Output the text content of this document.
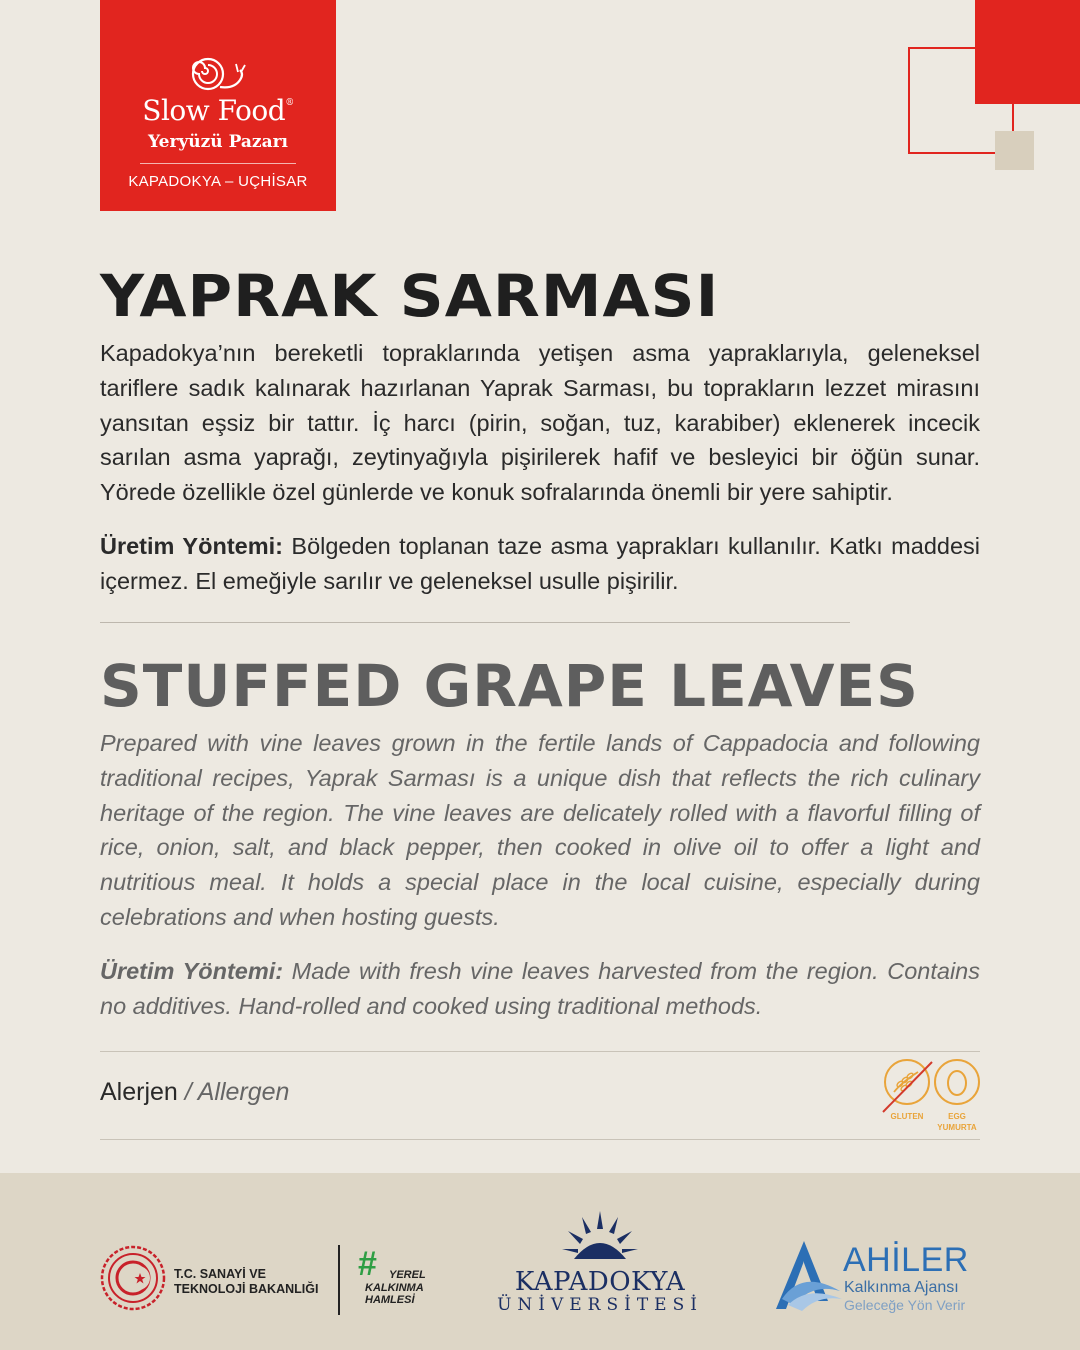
Slow Food®
Yeryüzü Pazarı
KAPADOKYA – UÇHİSAR
YAPRAK SARMASI

Kapadokya’nın bereketli topraklarında yetişen asma yapraklarıyla, geleneksel tariflere sadık kalınarak hazırlanan Yaprak Sarması, bu toprakların lezzet mirasını yansıtan eşsiz bir tattır. İç harcı (pirin, soğan, tuz, karabiber) eklenerek incecik sarılan asma yaprağı, zeytinyağıyla pişirilerek hafif ve besleyici bir öğün sunar. Yörede özellikle özel günlerde ve konuk sofralarında önemli bir yere sahiptir.

Üretim Yöntemi: Bölgeden toplanan taze asma yaprakları kullanılır. Katkı maddesi içermez. El emeğiyle sarılır ve geleneksel usulle pişirilir.

STUFFED GRAPE LEAVES

Prepared with vine leaves grown in the fertile lands of Cappadocia and following traditional recipes, Yaprak Sarması is a unique dish that reflects the rich culinary heritage of the region. The vine leaves are delicately rolled with a flavorful filling of rice, onion, salt, and black pepper, then cooked in olive oil to offer a light and nutritious meal. It holds a special place in the local cuisine, especially during celebrations and when hosting guests.

Üretim Yöntemi: Made with fresh vine leaves harvested from the region. Contains no additives. Hand-rolled and cooked using traditional methods.

Alerjen / Allergen
GLUTEN	EGG
YUMURTA
T.C. SANAYİ VE
TEKNOLOJİ BAKANLIĞI
#	YEREL
KALKINMA
HAMLESİ
KAPADOKYA
ÜNİVERSİTESİ
AHİLER
Kalkınma Ajansı
Geleceğe Yön Verir
